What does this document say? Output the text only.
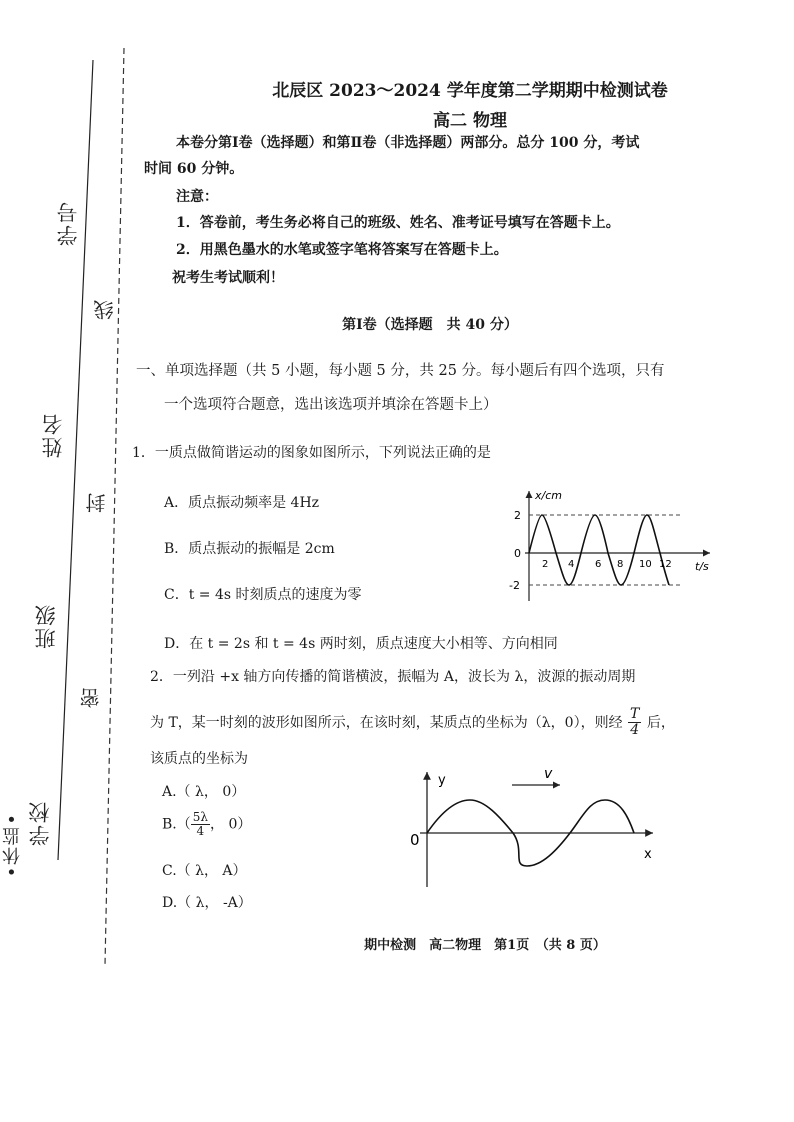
学号
姓名
班级
学校
•休监•
线
封
密
北辰区 2023～2024 学年度第二学期期中检测试卷
高二 物理
本卷分第Ⅰ卷（选择题）和第Ⅱ卷（非选择题）两部分。总分 100 分，考试
时间 60 分钟。
注意：
1．答卷前，考生务必将自己的班级、姓名、准考证号填写在答题卡上。
2．用黑色墨水的水笔或签字笔将答案写在答题卡上。
祝考生考试顺利！
第Ⅰ卷（选择题　共 40 分）
一、单项选择题（共 5 小题，每小题 5 分，共 25 分。每小题后有四个选项，只有
一个选项符合题意，选出该选项并填涂在答题卡上）
1．一质点做简谐运动的图象如图所示，下列说法正确的是
A．质点振动频率是 4Hz
B．质点振动的振幅是 2cm
C．t = 4s 时刻质点的速度为零
D．在 t = 2s 和 t = 4s 两时刻，质点速度大小相等、方向相同
x/cm
t/s
0
2
-2
2 4 6 8 10 12
2．一列沿 +x 轴方向传播的简谐横波，振幅为 A，波长为 λ，波源的振动周期
为 T，某一时刻的波形如图所示，在该时刻，某质点的坐标为（λ，0），则经 $\frac{T}{4}$ 后，
该质点的坐标为
A.（ λ， 0）
$B.( \frac{5\lambda}{4}$ ， 0）
C.（ λ， A）
D.（ λ， -A）
v
y
x
0
期中检测　高二物理　第1页　（共 8 页）
